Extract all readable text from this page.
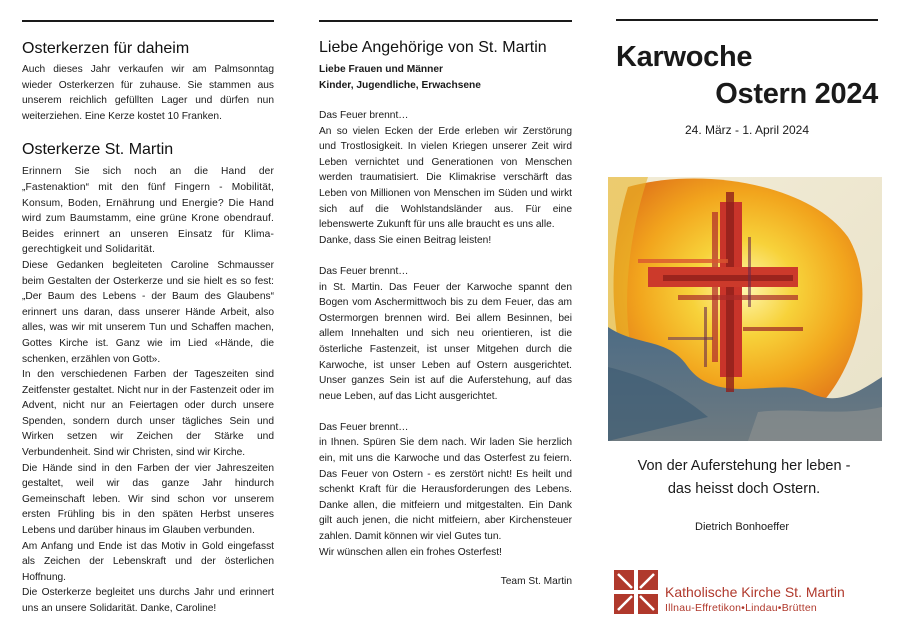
Osterkerzen für daheim

Auch dieses Jahr verkaufen wir am Palmsonntag wieder Osterkerzen für zuhause. Sie stammen aus unserem reichlich gefüllten Lager und dürfen nun weiterziehen. Eine Kerze kostet 10 Franken.

Osterkerze St. Martin

Erinnern Sie sich noch an die Hand der „Fastenaktion“ mit den fünf Fingern - Mobilität, Konsum, Boden, Ernährung und Energie? Die Hand wird zum Baumstamm, eine grüne Krone obendrauf. Beides erinnert an unseren Einsatz für Klima-gerechtigkeit und Solidarität.

Diese Gedanken begleiteten Caroline Schmausser beim Gestalten der Osterkerze und sie hielt es so fest: „Der Baum des Lebens - der Baum des Glaubens“ erinnert uns daran, dass unserer Hände Arbeit, also alles, was wir mit unserem Tun und Schaffen machen, Gottes Kirche ist. Ganz wie im Lied «Hände, die schenken, erzählen von Gott».

In den verschiedenen Farben der Tageszeiten sind Zeitfenster gestaltet. Nicht nur in der Fastenzeit oder im Advent, nicht nur an Feiertagen oder durch unsere Spenden, sondern durch unser tägliches Sein und Wirken setzen wir Zeichen der Stärke und Verbundenheit. Sind wir Christen, sind wir Kirche.

Die Hände sind in den Farben der vier Jahreszeiten gestaltet, weil wir das ganze Jahr hindurch Gemeinschaft leben. Wir sind schon vor unserem ersten Frühling bis in den späten Herbst unseres Lebens und darüber hinaus im Glauben verbunden.

Am Anfang und Ende ist das Motiv in Gold eingefasst als Zeichen der Lebenskraft und der österlichen Hoffnung.

Die Osterkerze begleitet uns durchs Jahr und erinnert uns an unsere Solidarität. Danke, Caroline!

Liebe Angehörige von St. Martin

Liebe Frauen und Männer

Kinder, Jugendliche, Erwachsene

Das Feuer brennt…

An so vielen Ecken der Erde erleben wir Zerstörung und Trostlosigkeit. In vielen Kriegen unserer Zeit wird Leben vernichtet und Generationen von Menschen werden traumatisiert. Die Klimakrise verschärft das Leben von Millionen von Menschen im Süden und wirkt sich auf die Wohlstandsländer aus. Für eine lebenswerte Zukunft für uns alle braucht es uns alle.

Danke, dass Sie einen Beitrag leisten!

Das Feuer brennt…

in St. Martin. Das Feuer der Karwoche spannt den Bogen vom Aschermittwoch bis zu dem Feuer, das am Ostermorgen brennen wird. Bei allem Besinnen, bei allem Innehalten und sich neu orientieren, ist die österliche Fastenzeit, ist unser Mitgehen durch die Karwoche, ist unser Leben auf Ostern ausgerichtet. Unser ganzes Sein ist auf die Auferstehung, auf das neue Leben, auf das Licht ausgerichtet.

Das Feuer brennt…

in Ihnen. Spüren Sie dem nach. Wir laden Sie herzlich ein, mit uns die Karwoche und das Osterfest zu feiern. Das Feuer von Ostern - es zerstört nicht! Es heilt und schenkt Kraft für die Herausforderungen des Lebens. Danke allen, die mitfeiern und mitgestalten. Ein Dank gilt auch jenen, die nicht mitfeiern, aber Kirchensteuer zahlen. Damit können wir viel Gutes tun.

Wir wünschen allen ein frohes Osterfest!

Team St. Martin
Karwoche
Ostern 2024
24. März - 1. April 2024
Von der Auferstehung her leben -
das heisst doch Ostern.
Dietrich Bonhoeffer
Katholische Kirche St. Martin
Illnau-Effretikon•Lindau•Brütten
